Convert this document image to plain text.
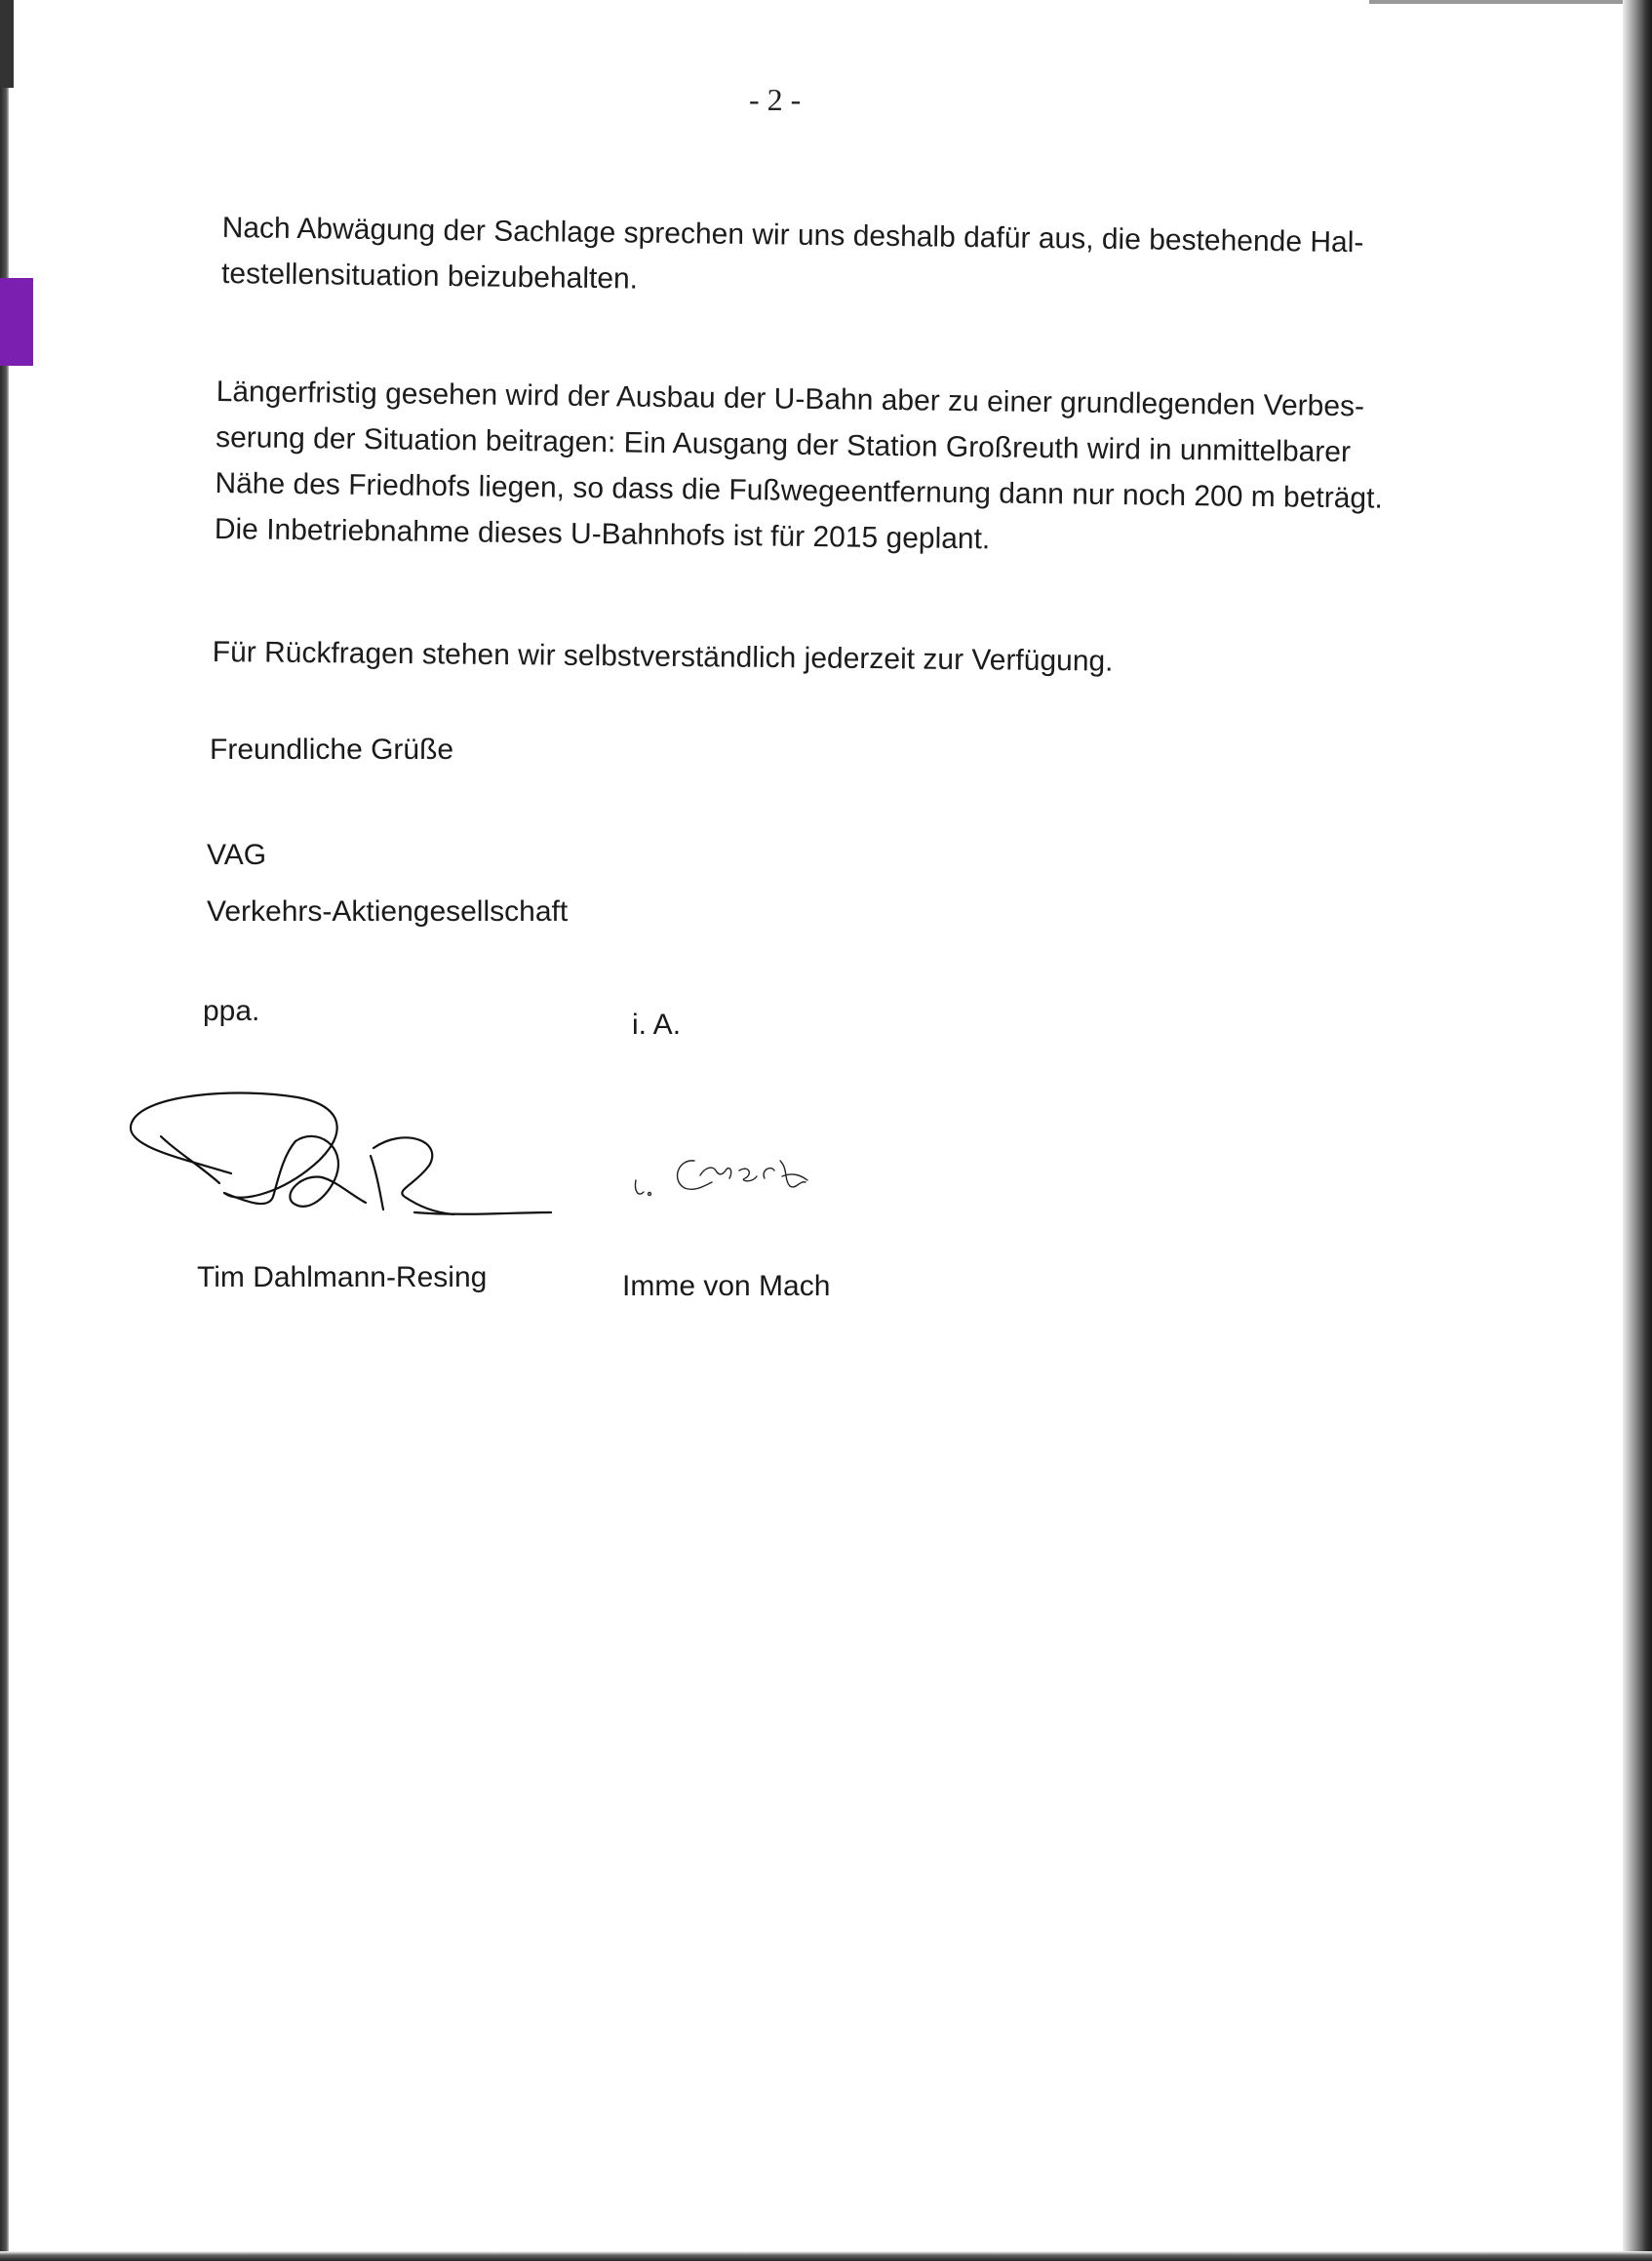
- 2 -
Nach Abwägung der Sachlage sprechen wir uns deshalb dafür aus, die bestehende Hal-
testellensituation beizubehalten.
Längerfristig gesehen wird der Ausbau der U-Bahn aber zu einer grundlegenden Verbes-
serung der Situation beitragen: Ein Ausgang der Station Großreuth wird in unmittelbarer
Nähe des Friedhofs liegen, so dass die Fußwegeentfernung dann nur noch 200 m beträgt.
Die Inbetriebnahme dieses U-Bahnhofs ist für 2015 geplant.
Für Rückfragen stehen wir selbstverständlich jederzeit zur Verfügung.
Freundliche Grüße
VAG
Verkehrs-Aktiengesellschaft
ppa.	i. A.
Tim Dahlmann-Resing	Imme von Mach
